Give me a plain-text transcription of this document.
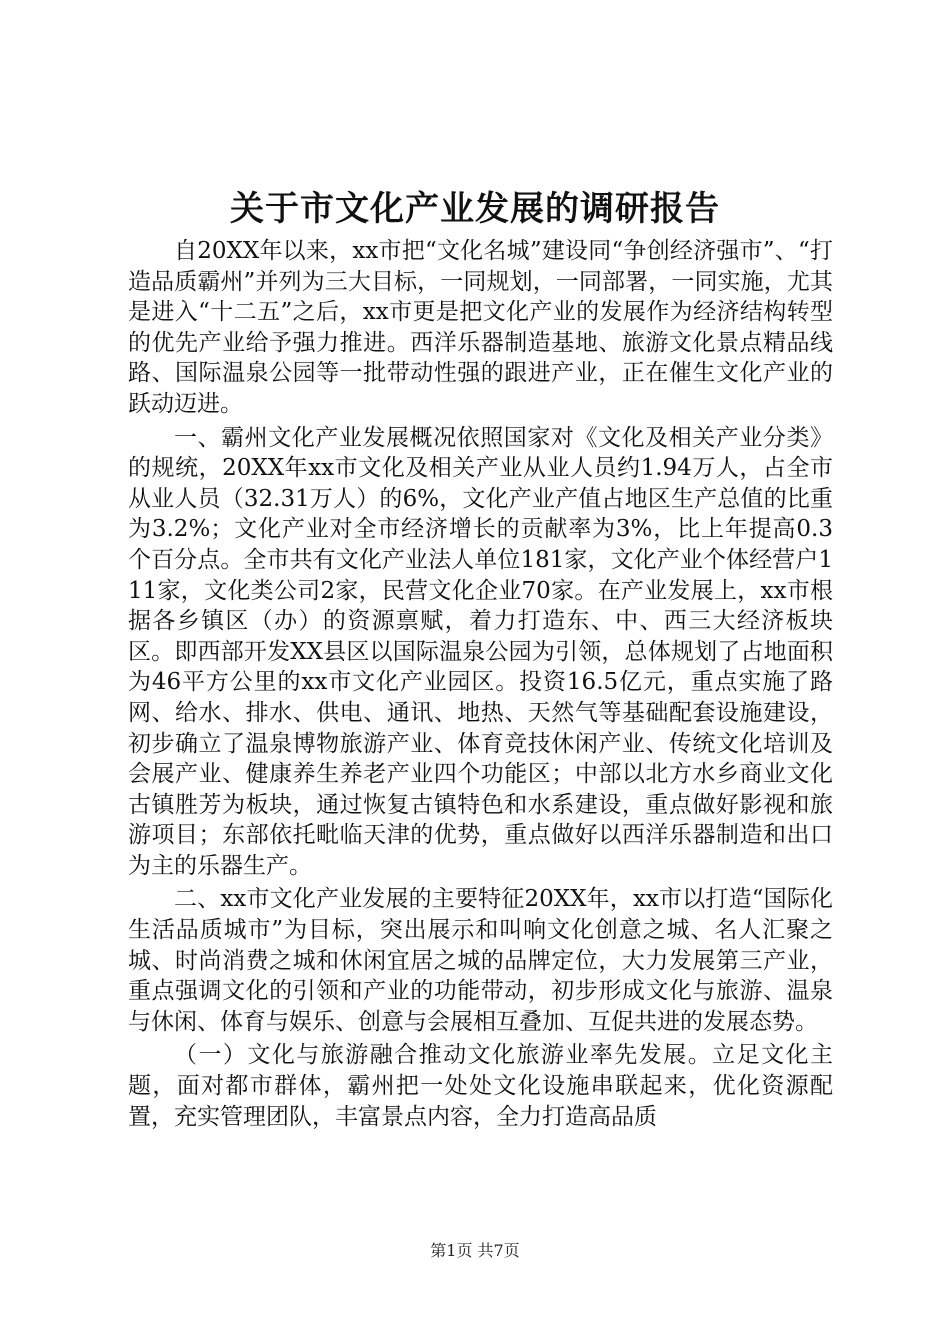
关于市文化产业发展的调研报告

自20XX年以来，xx市把“文化名城”建设同“争创经济强市”、“打造品质霸州”并列为三大目标，一同规划，一同部署，一同实施，尤其是进入“十二五”之后，xx市更是把文化产业的发展作为经济结构转型的优先产业给予强力推进。西洋乐器制造基地、旅游文化景点精品线路、国际温泉公园等一批带动性强的跟进产业，正在催生文化产业的跃动迈进。

一、霸州文化产业发展概况依照国家对《文化及相关产业分类》的规统，20XX年xx市文化及相关产业从业人员约1.94万人，占全市从业人员（32.31万人）的6%，文化产业产值占地区生产总值的比重为3.2%；文化产业对全市经济增长的贡献率为3%，比上年提高0.3个百分点。全市共有文化产业法人单位181家，文化产业个体经营户111家，文化类公司2家，民营文化企业70家。在产业发展上，xx市根据各乡镇区（办）的资源禀赋，着力打造东、中、西三大经济板块区。即西部开发XX县区以国际温泉公园为引领，总体规划了占地面积为46平方公里的xx市文化产业园区。投资16.5亿元，重点实施了路网、给水、排水、供电、通讯、地热、天然气等基础配套设施建设，初步确立了温泉博物旅游产业、体育竞技休闲产业、传统文化培训及会展产业、健康养生养老产业四个功能区；中部以北方水乡商业文化古镇胜芳为板块，通过恢复古镇特色和水系建设，重点做好影视和旅游项目；东部依托毗临天津的优势，重点做好以西洋乐器制造和出口为主的乐器生产。

二、xx市文化产业发展的主要特征20XX年，xx市以打造“国际化生活品质城市”为目标，突出展示和叫响文化创意之城、名人汇聚之城、时尚消费之城和休闲宜居之城的品牌定位，大力发展第三产业，重点强调文化的引领和产业的功能带动，初步形成文化与旅游、温泉与休闲、体育与娱乐、创意与会展相互叠加、互促共进的发展态势。

（一）文化与旅游融合推动文化旅游业率先发展。立足文化主题，面对都市群体，霸州把一处处文化设施串联起来，优化资源配置，充实管理团队，丰富景点内容，全力打造高品质

第1页 共7页
